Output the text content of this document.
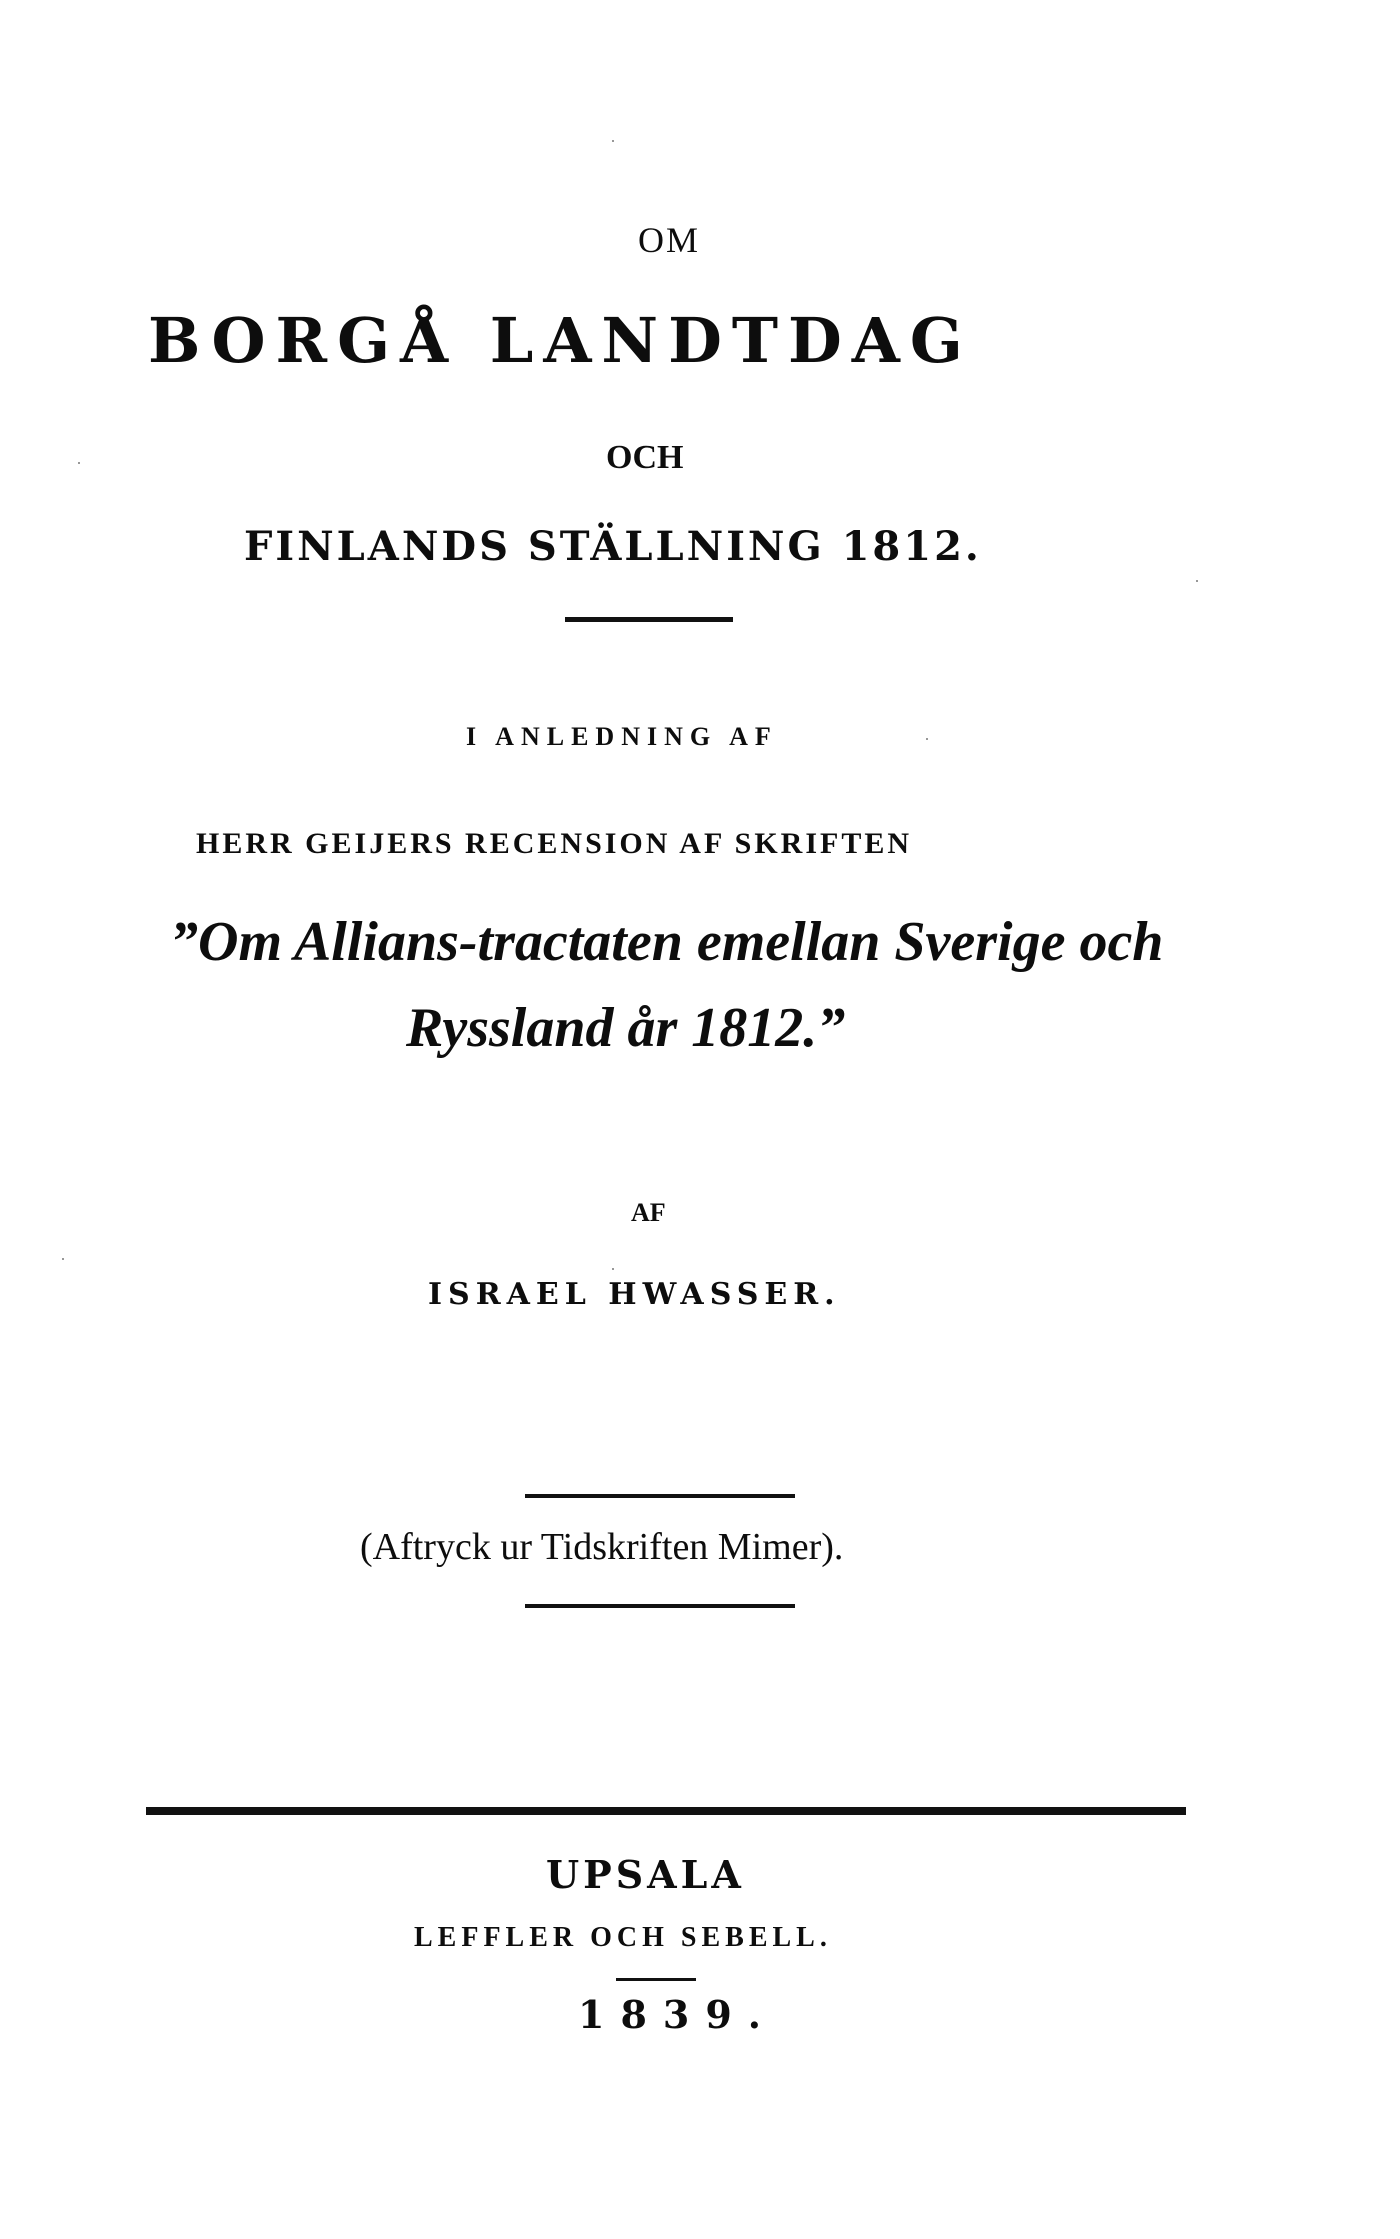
OM
BORGÅ LANDTDAG
OCH
FINLANDS STÄLLNING 1812.
I ANLEDNING AF
HERR GEIJERS RECENSION AF SKRIFTEN
”Om Allians-tractaten emellan Sverige och
Ryssland år 1812.”
AF
ISRAEL HWASSER.
(Aftryck ur Tidskriften Mimer).
UPSALA
LEFFLER OCH SEBELL.
1839.
